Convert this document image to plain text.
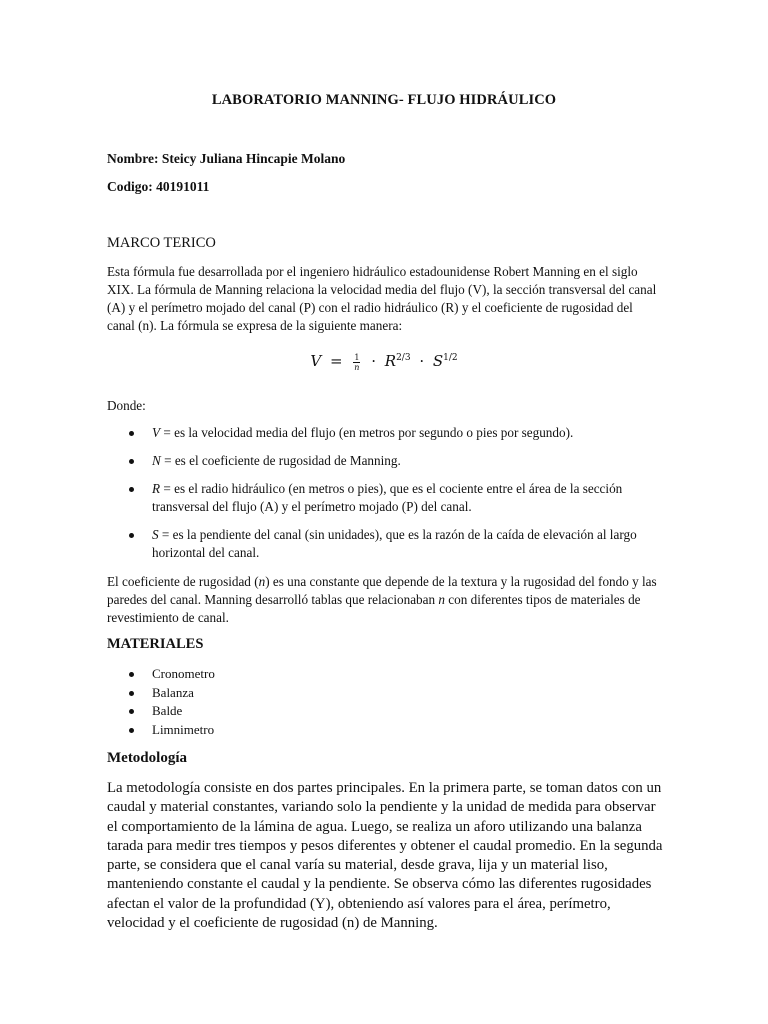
LABORATORIO MANNING- FLUJO HIDRÁULICO
Nombre: Steicy Juliana Hincapie Molano
Codigo: 40191011
MARCO TERICO

Esta fórmula fue desarrollada por el ingeniero hidráulico estadounidense Robert Manning en el siglo XIX. La fórmula de Manning relaciona la velocidad media del flujo (V), la sección transversal del canal (A) y el perímetro mojado del canal (P) con el radio hidráulico (R) y el coeficiente de rugosidad del canal (n). La fórmula se expresa de la siguiente manera:

$V = \frac{1}{n} \cdot R^{2/3} \cdot S^{1/2}$
Donde:
V = es la velocidad media del flujo (en metros por segundo o pies por segundo).
N = es el coeficiente de rugosidad de Manning.
R = es el radio hidráulico (en metros o pies), que es el cociente entre el área de la sección transversal del flujo (A) y el perímetro mojado (P) del canal.
S = es la pendiente del canal (sin unidades), que es la razón de la caída de elevación al largo horizontal del canal.

El coeficiente de rugosidad (n) es una constante que depende de la textura y la rugosidad del fondo y las paredes del canal. Manning desarrolló tablas que relacionaban n con diferentes tipos de materiales de revestimiento de canal.

MATERIALES
Cronometro
Balanza
Balde
Limnimetro
Metodología

La metodología consiste en dos partes principales. En la primera parte, se toman datos con un caudal y material constantes, variando solo la pendiente y la unidad de medida para observar el comportamiento de la lámina de agua. Luego, se realiza un aforo utilizando una balanza tarada para medir tres tiempos y pesos diferentes y obtener el caudal promedio. En la segunda parte, se considera que el canal varía su material, desde grava, lija y un material liso, manteniendo constante el caudal y la pendiente. Se observa cómo las diferentes rugosidades afectan el valor de la profundidad (Y), obteniendo así valores para el área, perímetro, velocidad y el coeficiente de rugosidad (n) de Manning.
